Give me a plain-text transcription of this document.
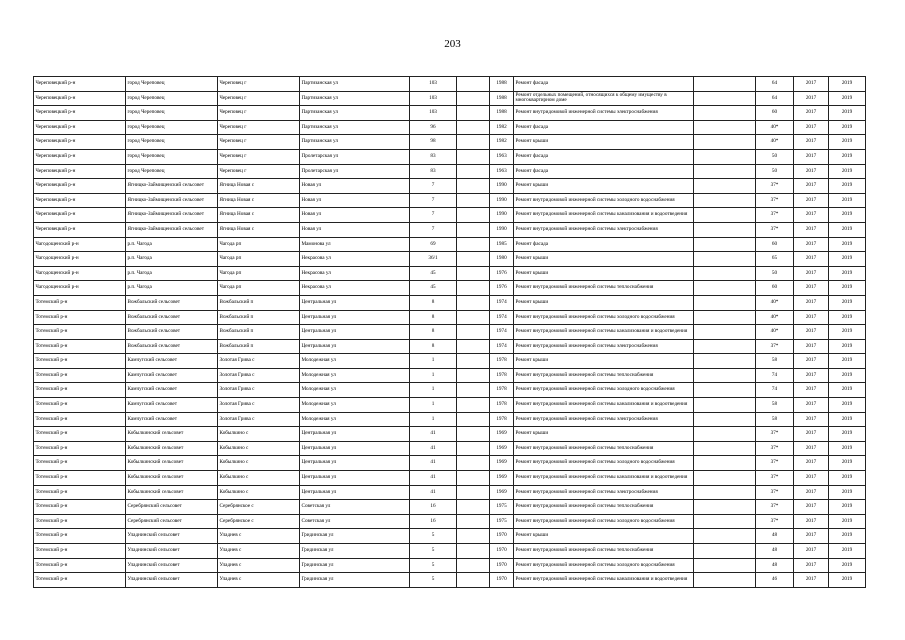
203
Череповецкий р-н	город Череповец	Череповец г	Партизанская ул	103		1988	Ремонт фасада		64	2017	2019
Череповецкий р-н	город Череповец	Череповец г	Партизанская ул	103		1988	Ремонт отдельных помещений, относящихся к общему имуществу в многоквартирном доме		64	2017	2019
Череповецкий р-н	город Череповец	Череповец г	Партизанская ул	103		1988	Ремонт внутридомовой инженерной системы электроснабжения		60	2017	2019
Череповецкий р-н	город Череповец	Череповец г	Партизанская ул	96		1982	Ремонт фасада		40*	2017	2019
Череповецкий р-н	город Череповец	Череповец г	Партизанская ул	98		1982	Ремонт крыши		40*	2017	2019
Череповецкий р-н	город Череповец	Череповец г	Пролетарская ул	83		1963	Ремонт фасада		50	2017	2019
Череповецкий р-н	город Череповец	Череповец г	Пролетарская ул	83		1963	Ремонт фасада		50	2017	2019
Череповецкий р-н	Ягницко-Займищенский сельсовет	Ягница Новая с	Новая ул	7		1990	Ремонт крыши		37*	2017	2019
Череповецкий р-н	Ягницко-Займищенский сельсовет	Ягница Новая с	Новая ул	7		1990	Ремонт внутридомовой инженерной системы холодного водоснабжения		37*	2017	2019
Череповецкий р-н	Ягницко-Займищенский сельсовет	Ягница Новая с	Новая ул	7		1990	Ремонт внутридомовой инженерной системы канализования и водоотведения		37*	2017	2019
Череповецкий р-н	Ягницко-Займищенский сельсовет	Ягница Новая с	Новая ул	7		1990	Ремонт внутридомовой инженерной системы электроснабжения		37*	2017	2019
Чагодощенский р-н	р.п. Чагода	Чагода рп	Мамонова ул	69		1985	Ремонт фасада		60	2017	2019
Чагодощенский р-н	р.п. Чагода	Чагода рп	Некрасова ул	36/1		1980	Ремонт крыши		65	2017	2019
Чагодощенский р-н	р.п. Чагода	Чагода рп	Некрасова ул	45		1976	Ремонт крыши		50	2017	2019
Чагодощенский р-н	р.п. Чагода	Чагода рп	Некрасова ул	45		1976	Ремонт внутридомовой инженерной системы теплоснабжения		60	2017	2019
Тотемский р-н	Вожбальский сельсовет	Вожбальский п	Центральная ул	8		1974	Ремонт крыши		40*	2017	2019
Тотемский р-н	Вожбальский сельсовет	Вожбальский п	Центральная ул	8		1974	Ремонт внутридомовой инженерной системы холодного водоснабжения		40*	2017	2019
Тотемский р-н	Вожбальский сельсовет	Вожбальский п	Центральная ул	8		1974	Ремонт внутридомовой инженерной системы канализования и водоотведения		40*	2017	2019
Тотемский р-н	Вожбальский сельсовет	Вожбальский п	Центральная ул	8		1974	Ремонт внутридомовой инженерной системы электроснабжения		37*	2017	2019
Тотемский р-н	Камчугский сельсовет	Золотая Грива с	Молодежная ул	1		1978	Ремонт крыши		58	2017	2019
Тотемский р-н	Камчугский сельсовет	Золотая Грива с	Молодежная ул	1		1978	Ремонт внутридомовой инженерной системы теплоснабжения		74	2017	2019
Тотемский р-н	Камчугский сельсовет	Золотая Грива с	Молодежная ул	1		1978	Ремонт внутридомовой инженерной системы холодного водоснабжения		74	2017	2019
Тотемский р-н	Камчугский сельсовет	Золотая Грива с	Молодежная ул	1		1978	Ремонт внутридомовой инженерной системы канализования и водоотведения		58	2017	2019
Тотемский р-н	Камчугский сельсовет	Золотая Грива с	Молодежная ул	1		1978	Ремонт внутридомовой инженерной системы электроснабжения		58	2017	2019
Тотемский р-н	Кобылкинский сельсовет	Кобылкино с	Центральная ул	41		1969	Ремонт крыши		37*	2017	2019
Тотемский р-н	Кобылкинский сельсовет	Кобылкино с	Центральная ул	41		1969	Ремонт внутридомовой инженерной системы теплоснабжения		37*	2017	2019
Тотемский р-н	Кобылкинский сельсовет	Кобылкино с	Центральная ул	41		1969	Ремонт внутридомовой инженерной системы холодного водоснабжения		37*	2017	2019
Тотемский р-н	Кобылкинский сельсовет	Кобылкино с	Центральная ул	41		1969	Ремонт внутридомовой инженерной системы канализования и водоотведения		37*	2017	2019
Тотемский р-н	Кобылкинский сельсовет	Кобылкино с	Центральная ул	41		1969	Ремонт внутридомовой инженерной системы электроснабжения		37*	2017	2019
Тотемский р-н	Серебрянский сельсовет	Серебрянское с	Советская ул	16		1975	Ремонт внутридомовой инженерной системы теплоснабжения		37*	2017	2019
Тотемский р-н	Серебрянский сельсовет	Серебрянское с	Советская ул	16		1975	Ремонт внутридомовой инженерной системы холодного водоснабжения		37*	2017	2019
Тотемский р-н	Уладнинский сельсовет	Уладнев с	Гридинская ул	5		1970	Ремонт крыши		48	2017	2019
Тотемский р-н	Уладнинский сельсовет	Уладнев с	Гридинская ул	5		1970	Ремонт внутридомовой инженерной системы теплоснабжения		48	2017	2019
Тотемский р-н	Уладнинский сельсовет	Уладнев с	Гридинская ул	5		1970	Ремонт внутридомовой инженерной системы холодного водоснабжения		48	2017	2019
Тотемский р-н	Уладнинский сельсовет	Уладнев с	Гридинская ул	5		1970	Ремонт внутридомовой инженерной системы канализования и водоотведения		46	2017	2019
